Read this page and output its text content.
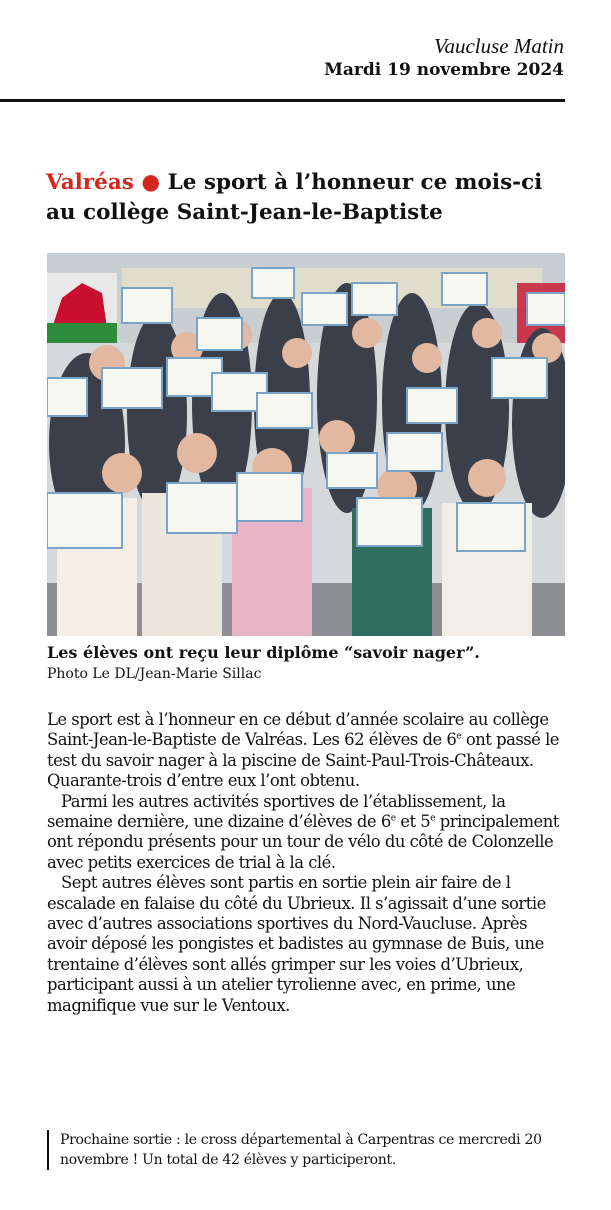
Vaucluse Matin
Mardi 19 novembre 2024
Valréas ● Le sport à l’honneur ce mois-ci
au collège Saint-Jean-le-Baptiste
Les élèves ont reçu leur diplôme “savoir nager”.
Photo Le DL/Jean-Marie Sillac

Le sport est à l’honneur en ce début d’année scolaire au collège Saint-Jean-le-Baptiste de Valréas. Les 62 élèves de 6e ont passé le test du savoir nager à la piscine de Saint-Paul-Trois-Châteaux. Quarante-trois d’entre eux l’ont obtenu.

Parmi les autres activités sportives de l’établissement, la semaine dernière, une dizaine d’élèves de 6e et 5e principalement ont répondu présents pour un tour de vélo du côté de Colonzelle avec petits exercices de trial à la clé.

Sept autres élèves sont partis en sortie plein air faire de l escalade en falaise du côté du Ubrieux. Il s’agissait d’une sortie avec d’autres associations sportives du Nord-Vaucluse. Après avoir déposé les pongistes et badistes au gymnase de Buis, une trentaine d’élèves sont allés grimper sur les voies d’Ubrieux, participant aussi à un atelier tyrolienne avec, en prime, une magnifique vue sur le Ventoux.

Prochaine sortie : le cross départemental à Carpentras ce mercredi 20 novembre ! Un total de 42 élèves y participeront.
